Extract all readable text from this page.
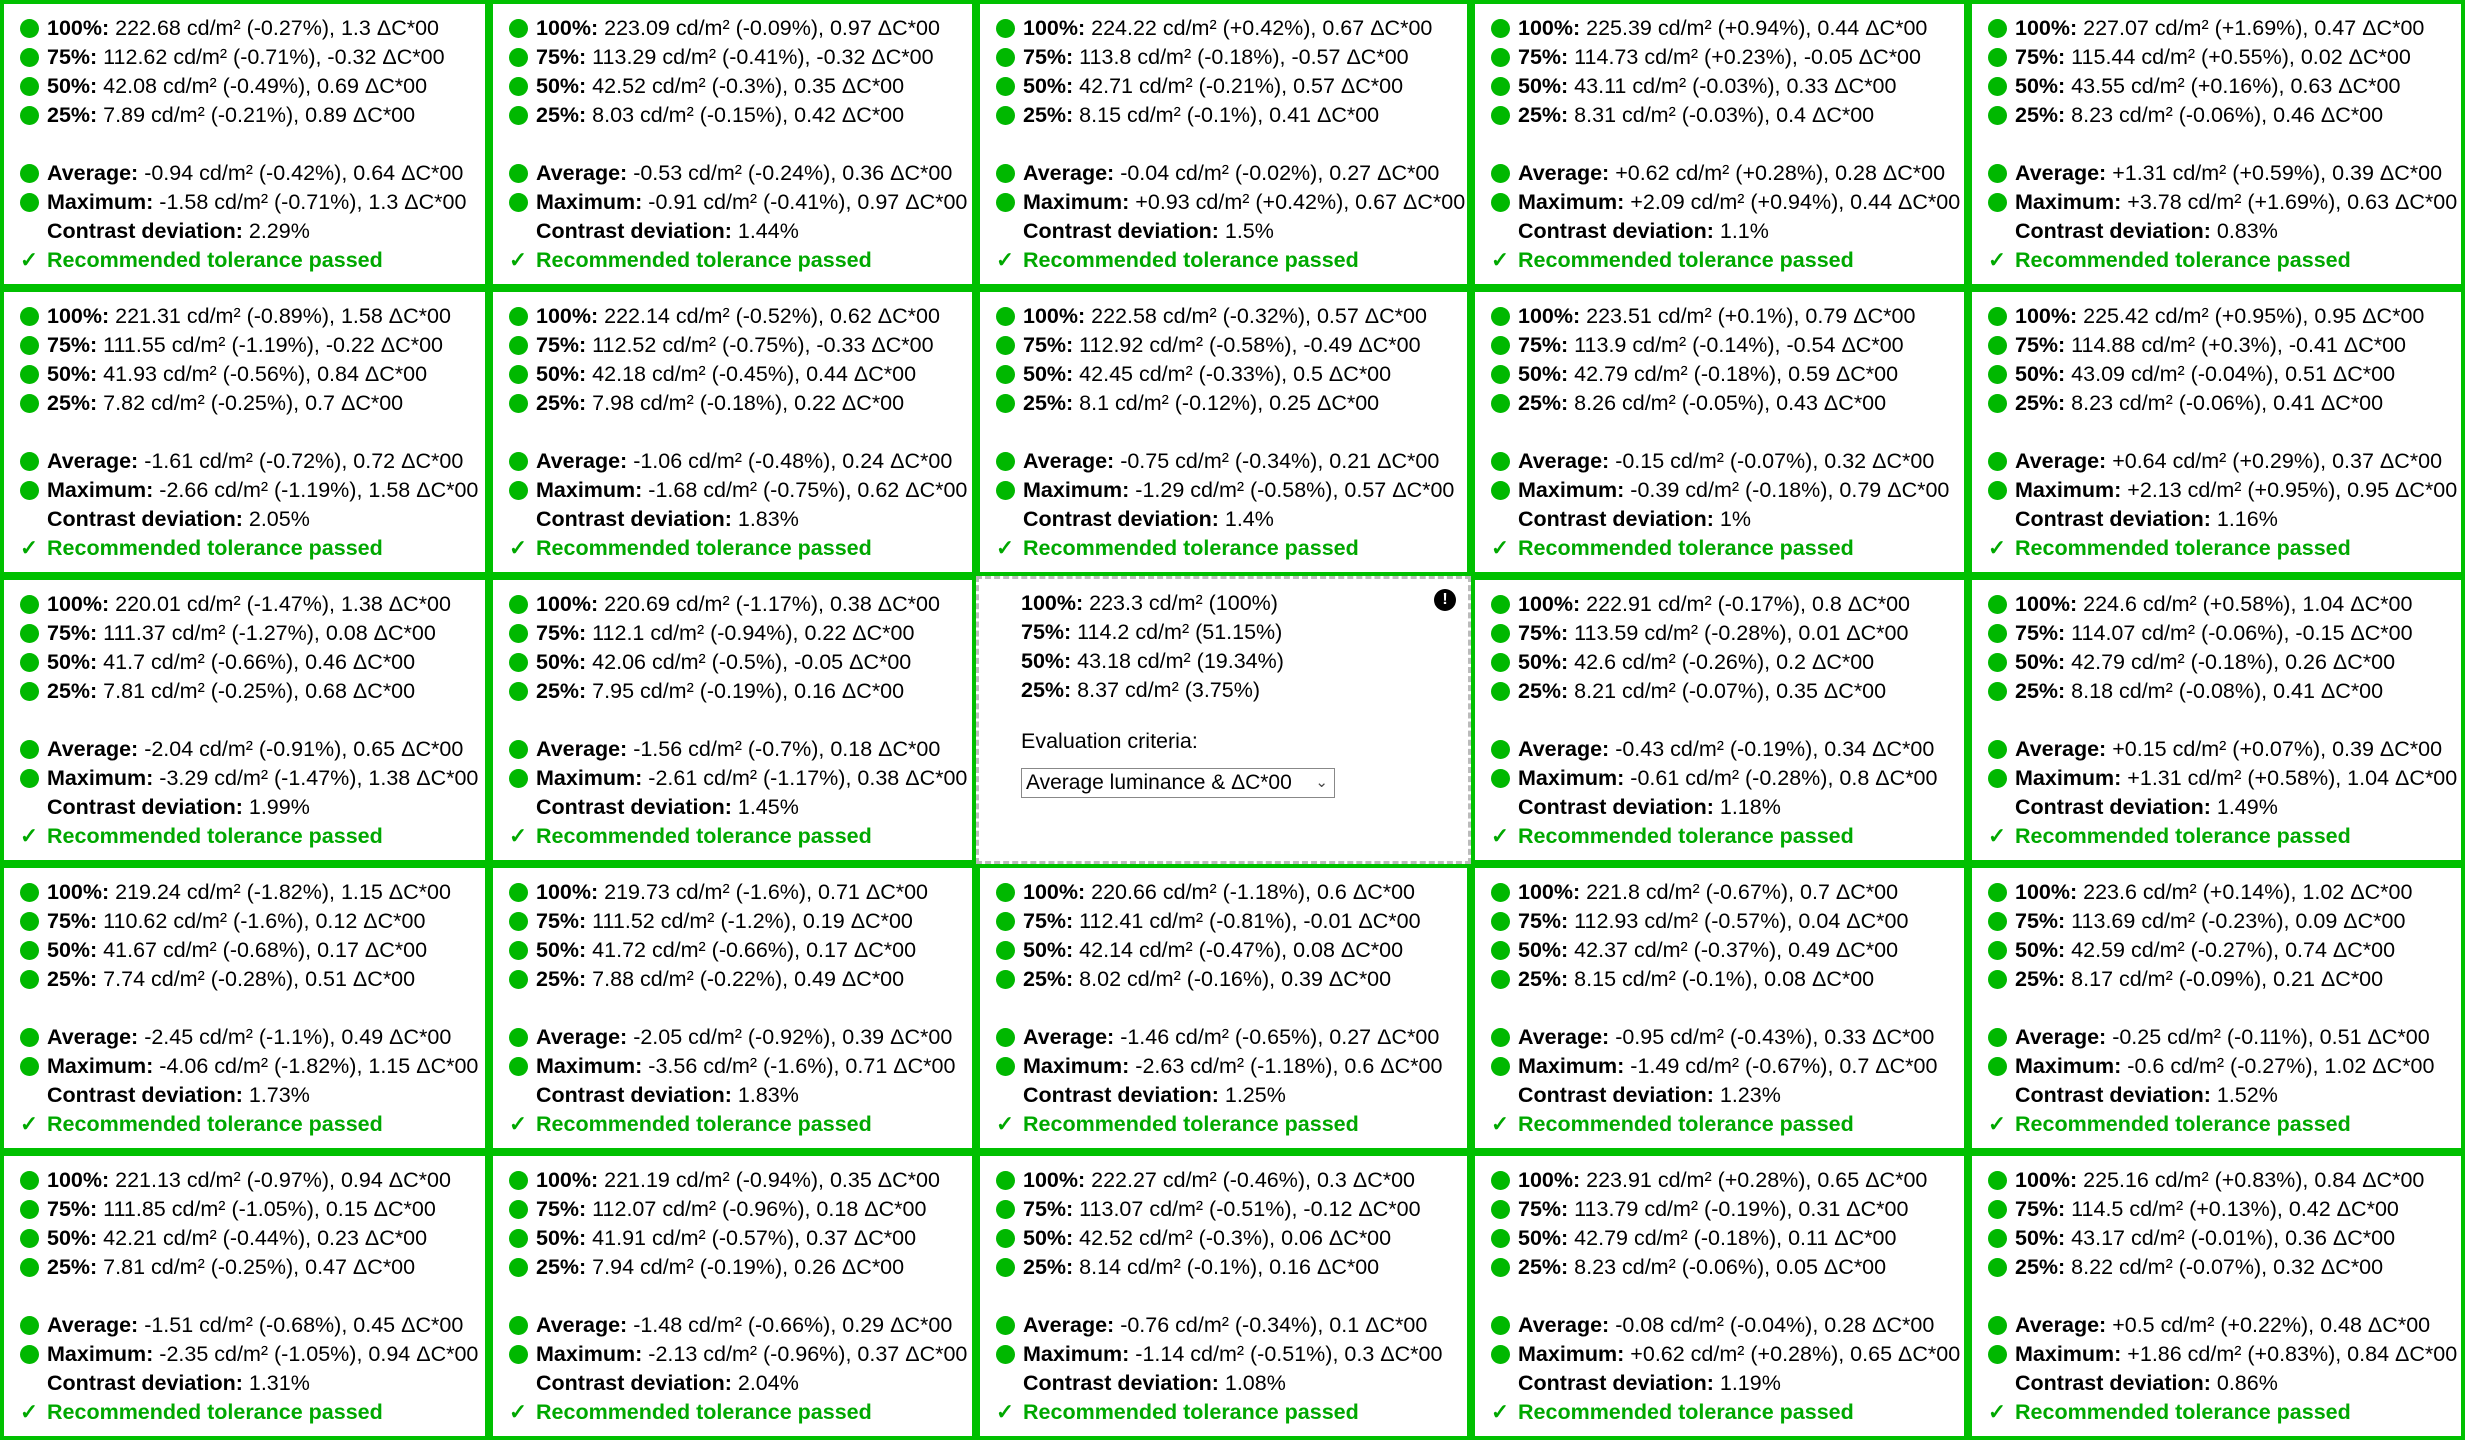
100%: 222.68 cd/m² (-0.27%), 1.3 ΔC*00
75%: 112.62 cd/m² (-0.71%), -0.32 ΔC*00
50%: 42.08 cd/m² (-0.49%), 0.69 ΔC*00
25%: 7.89 cd/m² (-0.21%), 0.89 ΔC*00
Average: -0.94 cd/m² (-0.42%), 0.64 ΔC*00
Maximum: -1.58 cd/m² (-0.71%), 1.3 ΔC*00
Contrast deviation: 2.29%
✓ Recommended tolerance passed
100%: 223.09 cd/m² (-0.09%), 0.97 ΔC*00
75%: 113.29 cd/m² (-0.41%), -0.32 ΔC*00
50%: 42.52 cd/m² (-0.3%), 0.35 ΔC*00
25%: 8.03 cd/m² (-0.15%), 0.42 ΔC*00
Average: -0.53 cd/m² (-0.24%), 0.36 ΔC*00
Maximum: -0.91 cd/m² (-0.41%), 0.97 ΔC*00
Contrast deviation: 1.44%
✓ Recommended tolerance passed
100%: 224.22 cd/m² (+0.42%), 0.67 ΔC*00
75%: 113.8 cd/m² (-0.18%), -0.57 ΔC*00
50%: 42.71 cd/m² (-0.21%), 0.57 ΔC*00
25%: 8.15 cd/m² (-0.1%), 0.41 ΔC*00
Average: -0.04 cd/m² (-0.02%), 0.27 ΔC*00
Maximum: +0.93 cd/m² (+0.42%), 0.67 ΔC*00
Contrast deviation: 1.5%
✓ Recommended tolerance passed
100%: 225.39 cd/m² (+0.94%), 0.44 ΔC*00
75%: 114.73 cd/m² (+0.23%), -0.05 ΔC*00
50%: 43.11 cd/m² (-0.03%), 0.33 ΔC*00
25%: 8.31 cd/m² (-0.03%), 0.4 ΔC*00
Average: +0.62 cd/m² (+0.28%), 0.28 ΔC*00
Maximum: +2.09 cd/m² (+0.94%), 0.44 ΔC*00
Contrast deviation: 1.1%
✓ Recommended tolerance passed
100%: 227.07 cd/m² (+1.69%), 0.47 ΔC*00
75%: 115.44 cd/m² (+0.55%), 0.02 ΔC*00
50%: 43.55 cd/m² (+0.16%), 0.63 ΔC*00
25%: 8.23 cd/m² (-0.06%), 0.46 ΔC*00
Average: +1.31 cd/m² (+0.59%), 0.39 ΔC*00
Maximum: +3.78 cd/m² (+1.69%), 0.63 ΔC*00
Contrast deviation: 0.83%
✓ Recommended tolerance passed
100%: 221.31 cd/m² (-0.89%), 1.58 ΔC*00
75%: 111.55 cd/m² (-1.19%), -0.22 ΔC*00
50%: 41.93 cd/m² (-0.56%), 0.84 ΔC*00
25%: 7.82 cd/m² (-0.25%), 0.7 ΔC*00
Average: -1.61 cd/m² (-0.72%), 0.72 ΔC*00
Maximum: -2.66 cd/m² (-1.19%), 1.58 ΔC*00
Contrast deviation: 2.05%
✓ Recommended tolerance passed
100%: 222.14 cd/m² (-0.52%), 0.62 ΔC*00
75%: 112.52 cd/m² (-0.75%), -0.33 ΔC*00
50%: 42.18 cd/m² (-0.45%), 0.44 ΔC*00
25%: 7.98 cd/m² (-0.18%), 0.22 ΔC*00
Average: -1.06 cd/m² (-0.48%), 0.24 ΔC*00
Maximum: -1.68 cd/m² (-0.75%), 0.62 ΔC*00
Contrast deviation: 1.83%
✓ Recommended tolerance passed
100%: 222.58 cd/m² (-0.32%), 0.57 ΔC*00
75%: 112.92 cd/m² (-0.58%), -0.49 ΔC*00
50%: 42.45 cd/m² (-0.33%), 0.5 ΔC*00
25%: 8.1 cd/m² (-0.12%), 0.25 ΔC*00
Average: -0.75 cd/m² (-0.34%), 0.21 ΔC*00
Maximum: -1.29 cd/m² (-0.58%), 0.57 ΔC*00
Contrast deviation: 1.4%
✓ Recommended tolerance passed
100%: 223.51 cd/m² (+0.1%), 0.79 ΔC*00
75%: 113.9 cd/m² (-0.14%), -0.54 ΔC*00
50%: 42.79 cd/m² (-0.18%), 0.59 ΔC*00
25%: 8.26 cd/m² (-0.05%), 0.43 ΔC*00
Average: -0.15 cd/m² (-0.07%), 0.32 ΔC*00
Maximum: -0.39 cd/m² (-0.18%), 0.79 ΔC*00
Contrast deviation: 1%
✓ Recommended tolerance passed
100%: 225.42 cd/m² (+0.95%), 0.95 ΔC*00
75%: 114.88 cd/m² (+0.3%), -0.41 ΔC*00
50%: 43.09 cd/m² (-0.04%), 0.51 ΔC*00
25%: 8.23 cd/m² (-0.06%), 0.41 ΔC*00
Average: +0.64 cd/m² (+0.29%), 0.37 ΔC*00
Maximum: +2.13 cd/m² (+0.95%), 0.95 ΔC*00
Contrast deviation: 1.16%
✓ Recommended tolerance passed
100%: 220.01 cd/m² (-1.47%), 1.38 ΔC*00
75%: 111.37 cd/m² (-1.27%), 0.08 ΔC*00
50%: 41.7 cd/m² (-0.66%), 0.46 ΔC*00
25%: 7.81 cd/m² (-0.25%), 0.68 ΔC*00
Average: -2.04 cd/m² (-0.91%), 0.65 ΔC*00
Maximum: -3.29 cd/m² (-1.47%), 1.38 ΔC*00
Contrast deviation: 1.99%
✓ Recommended tolerance passed
100%: 220.69 cd/m² (-1.17%), 0.38 ΔC*00
75%: 112.1 cd/m² (-0.94%), 0.22 ΔC*00
50%: 42.06 cd/m² (-0.5%), -0.05 ΔC*00
25%: 7.95 cd/m² (-0.19%), 0.16 ΔC*00
Average: -1.56 cd/m² (-0.7%), 0.18 ΔC*00
Maximum: -2.61 cd/m² (-1.17%), 0.38 ΔC*00
Contrast deviation: 1.45%
✓ Recommended tolerance passed
100%: 223.3 cd/m² (100%)
75%: 114.2 cd/m² (51.15%)
50%: 43.18 cd/m² (19.34%)
25%: 8.37 cd/m² (3.75%)
Evaluation criteria:
Average luminance & ΔC*00 ⌄
!	100%: 222.91 cd/m² (-0.17%), 0.8 ΔC*00
75%: 113.59 cd/m² (-0.28%), 0.01 ΔC*00
50%: 42.6 cd/m² (-0.26%), 0.2 ΔC*00
25%: 8.21 cd/m² (-0.07%), 0.35 ΔC*00
Average: -0.43 cd/m² (-0.19%), 0.34 ΔC*00
Maximum: -0.61 cd/m² (-0.28%), 0.8 ΔC*00
Contrast deviation: 1.18%
✓ Recommended tolerance passed
100%: 224.6 cd/m² (+0.58%), 1.04 ΔC*00
75%: 114.07 cd/m² (-0.06%), -0.15 ΔC*00
50%: 42.79 cd/m² (-0.18%), 0.26 ΔC*00
25%: 8.18 cd/m² (-0.08%), 0.41 ΔC*00
Average: +0.15 cd/m² (+0.07%), 0.39 ΔC*00
Maximum: +1.31 cd/m² (+0.58%), 1.04 ΔC*00
Contrast deviation: 1.49%
✓ Recommended tolerance passed
100%: 219.24 cd/m² (-1.82%), 1.15 ΔC*00
75%: 110.62 cd/m² (-1.6%), 0.12 ΔC*00
50%: 41.67 cd/m² (-0.68%), 0.17 ΔC*00
25%: 7.74 cd/m² (-0.28%), 0.51 ΔC*00
Average: -2.45 cd/m² (-1.1%), 0.49 ΔC*00
Maximum: -4.06 cd/m² (-1.82%), 1.15 ΔC*00
Contrast deviation: 1.73%
✓ Recommended tolerance passed
100%: 219.73 cd/m² (-1.6%), 0.71 ΔC*00
75%: 111.52 cd/m² (-1.2%), 0.19 ΔC*00
50%: 41.72 cd/m² (-0.66%), 0.17 ΔC*00
25%: 7.88 cd/m² (-0.22%), 0.49 ΔC*00
Average: -2.05 cd/m² (-0.92%), 0.39 ΔC*00
Maximum: -3.56 cd/m² (-1.6%), 0.71 ΔC*00
Contrast deviation: 1.83%
✓ Recommended tolerance passed
100%: 220.66 cd/m² (-1.18%), 0.6 ΔC*00
75%: 112.41 cd/m² (-0.81%), -0.01 ΔC*00
50%: 42.14 cd/m² (-0.47%), 0.08 ΔC*00
25%: 8.02 cd/m² (-0.16%), 0.39 ΔC*00
Average: -1.46 cd/m² (-0.65%), 0.27 ΔC*00
Maximum: -2.63 cd/m² (-1.18%), 0.6 ΔC*00
Contrast deviation: 1.25%
✓ Recommended tolerance passed
100%: 221.8 cd/m² (-0.67%), 0.7 ΔC*00
75%: 112.93 cd/m² (-0.57%), 0.04 ΔC*00
50%: 42.37 cd/m² (-0.37%), 0.49 ΔC*00
25%: 8.15 cd/m² (-0.1%), 0.08 ΔC*00
Average: -0.95 cd/m² (-0.43%), 0.33 ΔC*00
Maximum: -1.49 cd/m² (-0.67%), 0.7 ΔC*00
Contrast deviation: 1.23%
✓ Recommended tolerance passed
100%: 223.6 cd/m² (+0.14%), 1.02 ΔC*00
75%: 113.69 cd/m² (-0.23%), 0.09 ΔC*00
50%: 42.59 cd/m² (-0.27%), 0.74 ΔC*00
25%: 8.17 cd/m² (-0.09%), 0.21 ΔC*00
Average: -0.25 cd/m² (-0.11%), 0.51 ΔC*00
Maximum: -0.6 cd/m² (-0.27%), 1.02 ΔC*00
Contrast deviation: 1.52%
✓ Recommended tolerance passed
100%: 221.13 cd/m² (-0.97%), 0.94 ΔC*00
75%: 111.85 cd/m² (-1.05%), 0.15 ΔC*00
50%: 42.21 cd/m² (-0.44%), 0.23 ΔC*00
25%: 7.81 cd/m² (-0.25%), 0.47 ΔC*00
Average: -1.51 cd/m² (-0.68%), 0.45 ΔC*00
Maximum: -2.35 cd/m² (-1.05%), 0.94 ΔC*00
Contrast deviation: 1.31%
✓ Recommended tolerance passed
100%: 221.19 cd/m² (-0.94%), 0.35 ΔC*00
75%: 112.07 cd/m² (-0.96%), 0.18 ΔC*00
50%: 41.91 cd/m² (-0.57%), 0.37 ΔC*00
25%: 7.94 cd/m² (-0.19%), 0.26 ΔC*00
Average: -1.48 cd/m² (-0.66%), 0.29 ΔC*00
Maximum: -2.13 cd/m² (-0.96%), 0.37 ΔC*00
Contrast deviation: 2.04%
✓ Recommended tolerance passed
100%: 222.27 cd/m² (-0.46%), 0.3 ΔC*00
75%: 113.07 cd/m² (-0.51%), -0.12 ΔC*00
50%: 42.52 cd/m² (-0.3%), 0.06 ΔC*00
25%: 8.14 cd/m² (-0.1%), 0.16 ΔC*00
Average: -0.76 cd/m² (-0.34%), 0.1 ΔC*00
Maximum: -1.14 cd/m² (-0.51%), 0.3 ΔC*00
Contrast deviation: 1.08%
✓ Recommended tolerance passed
100%: 223.91 cd/m² (+0.28%), 0.65 ΔC*00
75%: 113.79 cd/m² (-0.19%), 0.31 ΔC*00
50%: 42.79 cd/m² (-0.18%), 0.11 ΔC*00
25%: 8.23 cd/m² (-0.06%), 0.05 ΔC*00
Average: -0.08 cd/m² (-0.04%), 0.28 ΔC*00
Maximum: +0.62 cd/m² (+0.28%), 0.65 ΔC*00
Contrast deviation: 1.19%
✓ Recommended tolerance passed
100%: 225.16 cd/m² (+0.83%), 0.84 ΔC*00
75%: 114.5 cd/m² (+0.13%), 0.42 ΔC*00
50%: 43.17 cd/m² (-0.01%), 0.36 ΔC*00
25%: 8.22 cd/m² (-0.07%), 0.32 ΔC*00
Average: +0.5 cd/m² (+0.22%), 0.48 ΔC*00
Maximum: +1.86 cd/m² (+0.83%), 0.84 ΔC*00
Contrast deviation: 0.86%
✓ Recommended tolerance passed
